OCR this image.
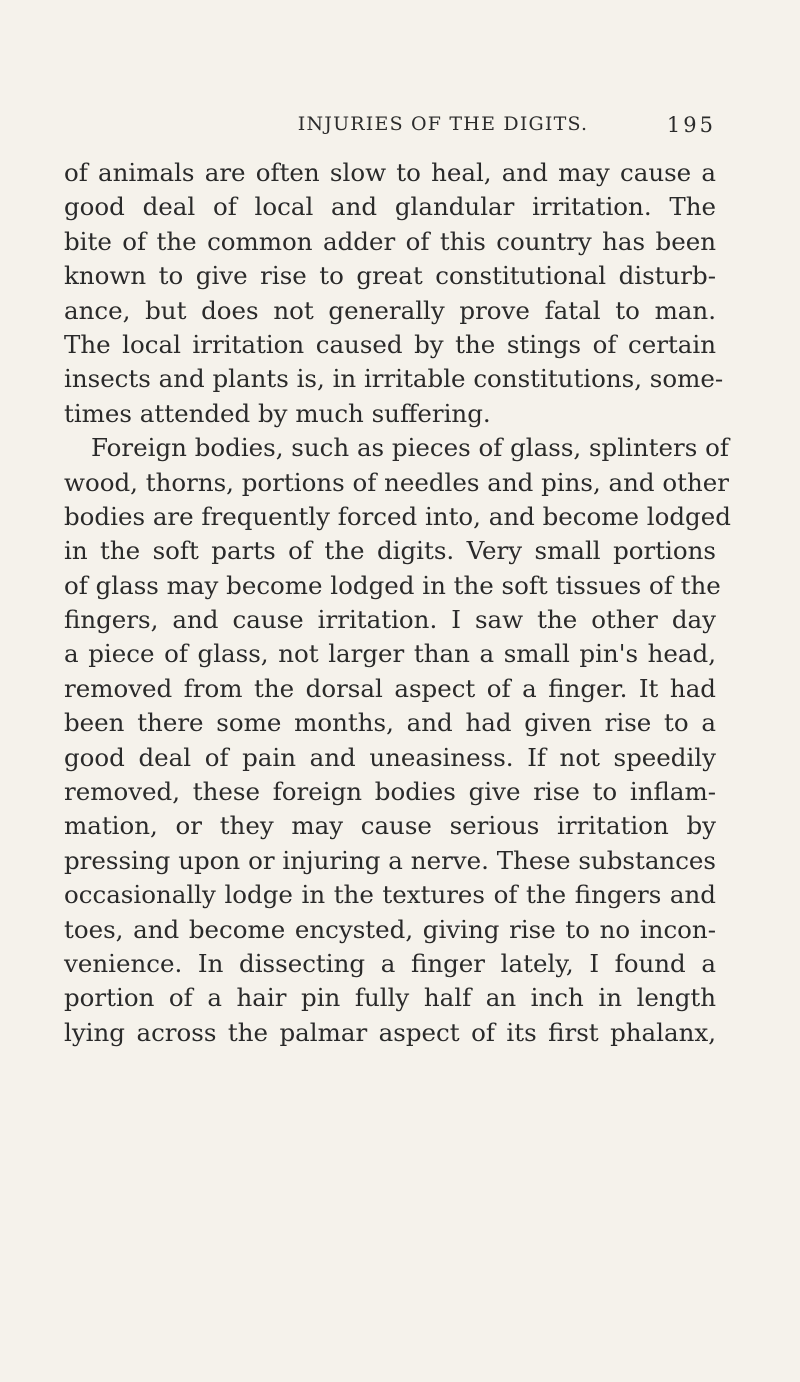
INJURIES OF THE DIGITS.	195
of animals are often slow to heal, and may cause a
good deal of local and glandular irritation. The
bite of the common adder of this country has been
known to give rise to great constitutional disturb-
ance, but does not generally prove fatal to man.
The local irritation caused by the stings of certain
insects and plants is, in irritable constitutions, some-
times attended by much suffering.
Foreign bodies, such as pieces of glass, splinters of
wood, thorns, portions of needles and pins, and other
bodies are frequently forced into, and become lodged
in the soft parts of the digits. Very small portions
of glass may become lodged in the soft tissues of the
fingers, and cause irritation. I saw the other day
a piece of glass, not larger than a small pin's head,
removed from the dorsal aspect of a finger. It had
been there some months, and had given rise to a
good deal of pain and uneasiness. If not speedily
removed, these foreign bodies give rise to inflam-
mation, or they may cause serious irritation by
pressing upon or injuring a nerve. These substances
occasionally lodge in the textures of the fingers and
toes, and become encysted, giving rise to no incon-
venience. In dissecting a finger lately, I found a
portion of a hair pin fully half an inch in length
lying across the palmar aspect of its first phalanx,
